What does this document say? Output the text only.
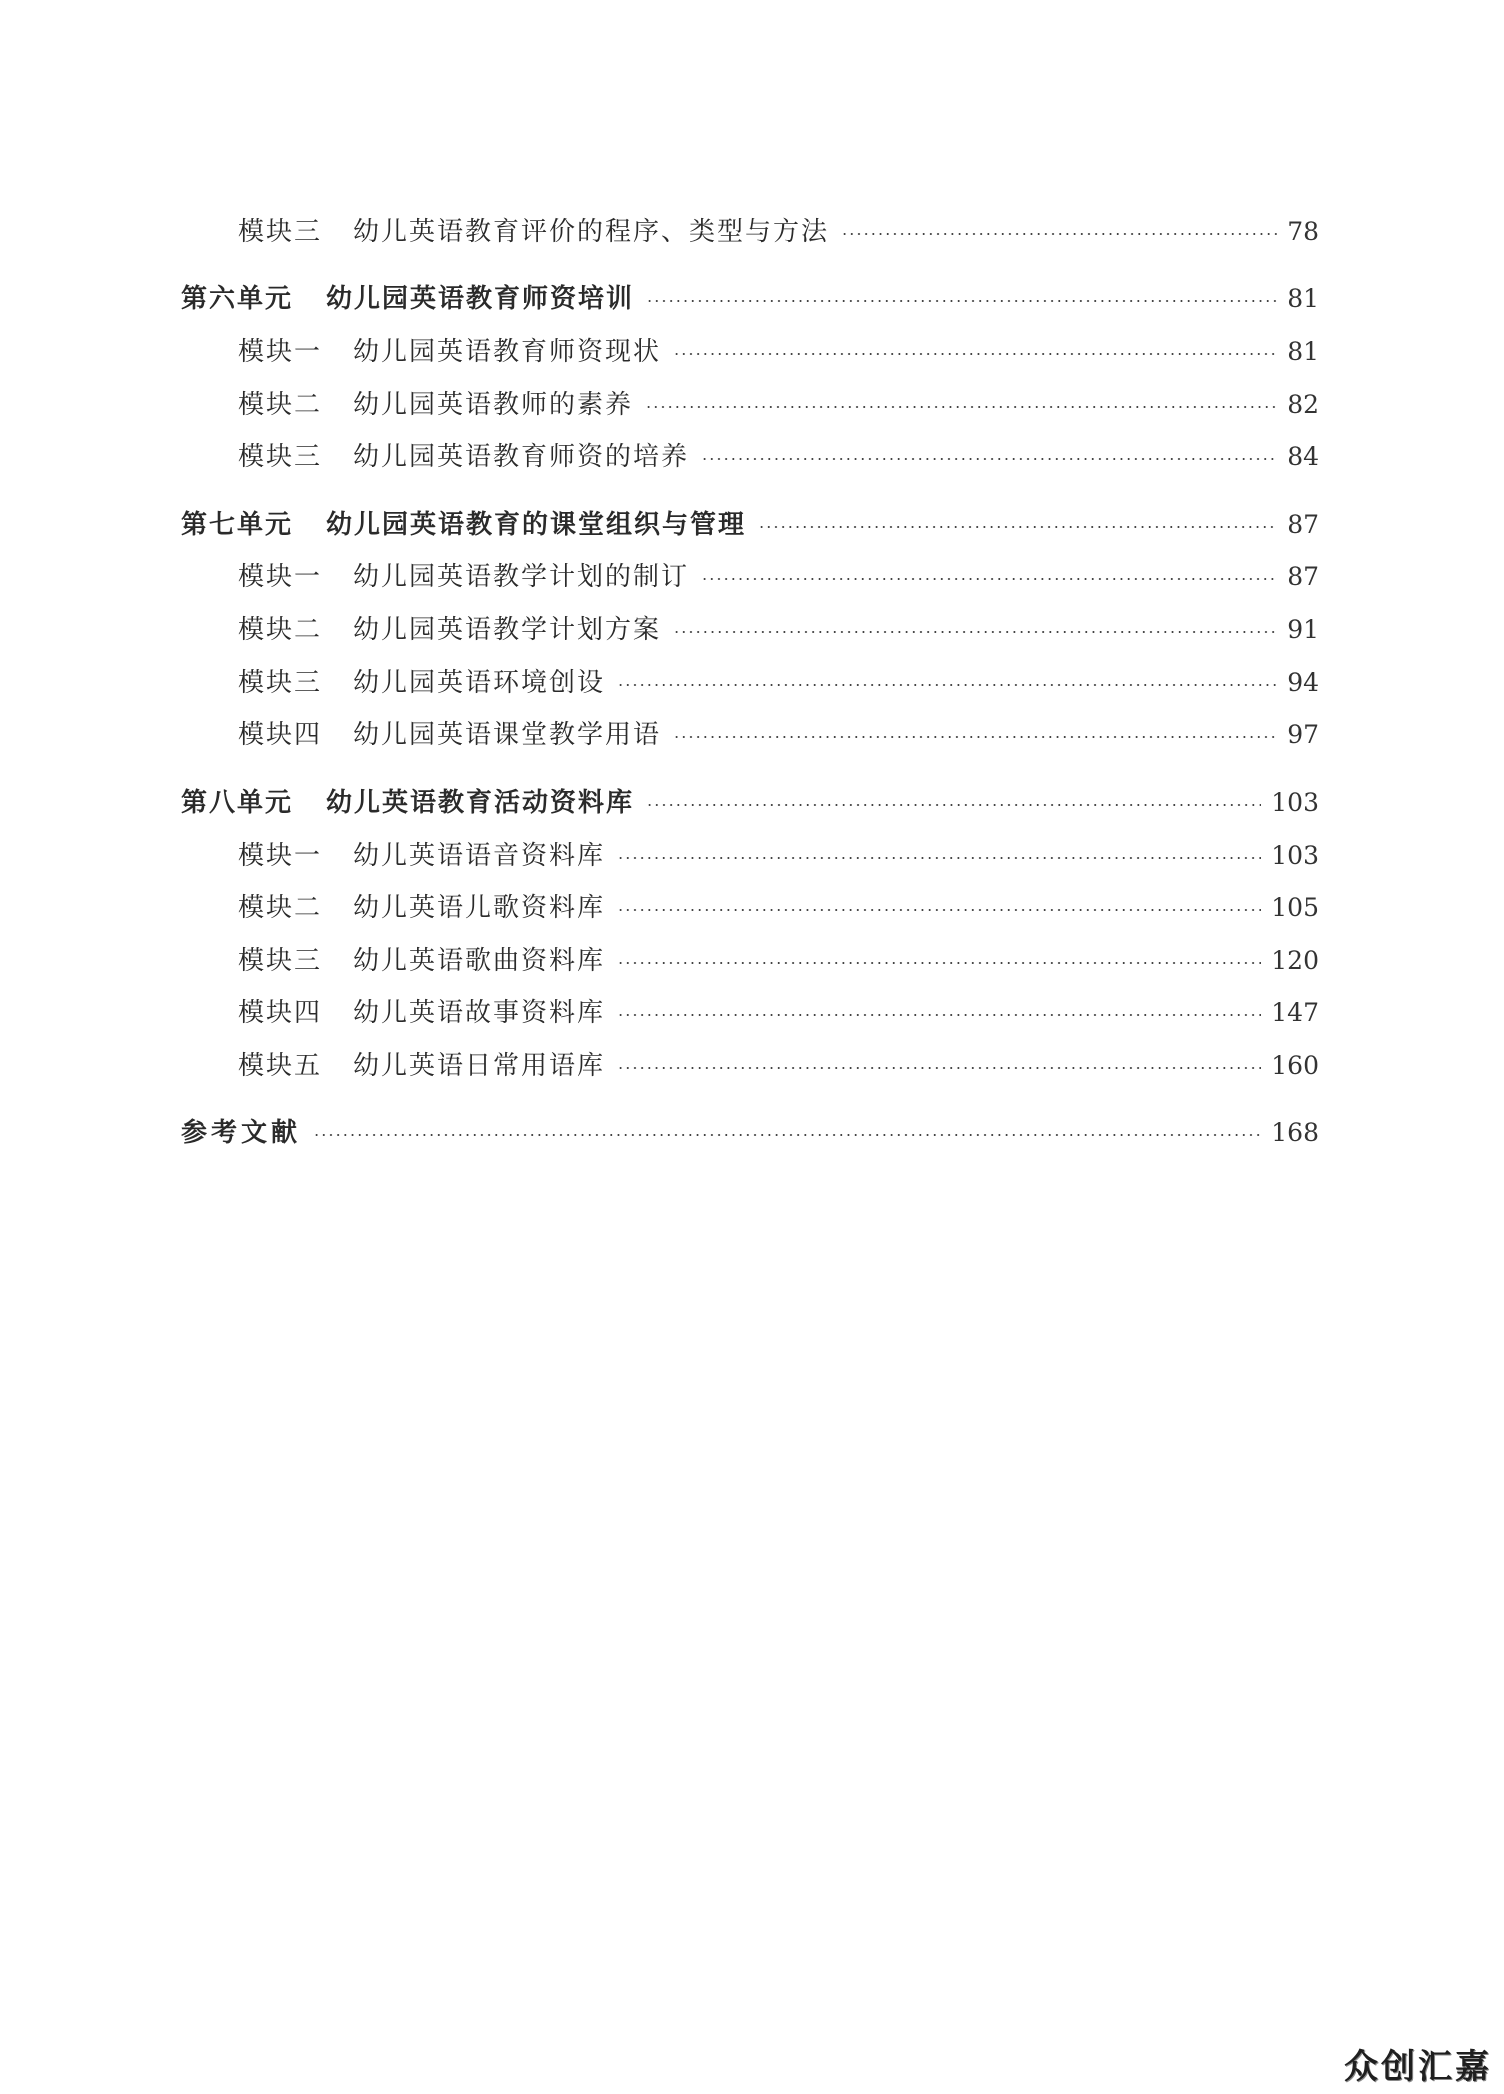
模块三	幼儿英语教育评价的程序、类型与方法	78
第六单元	幼儿园英语教育师资培训	81
模块一	幼儿园英语教育师资现状	81
模块二	幼儿园英语教师的素养	82
模块三	幼儿园英语教育师资的培养	84
第七单元	幼儿园英语教育的课堂组织与管理	87
模块一	幼儿园英语教学计划的制订	87
模块二	幼儿园英语教学计划方案	91
模块三	幼儿园英语环境创设	94
模块四	幼儿园英语课堂教学用语	97
第八单元	幼儿英语教育活动资料库	103
模块一	幼儿英语语音资料库	103
模块二	幼儿英语儿歌资料库	105
模块三	幼儿英语歌曲资料库	120
模块四	幼儿英语故事资料库	147
模块五	幼儿英语日常用语库	160
参考文献	168
众创汇嘉
